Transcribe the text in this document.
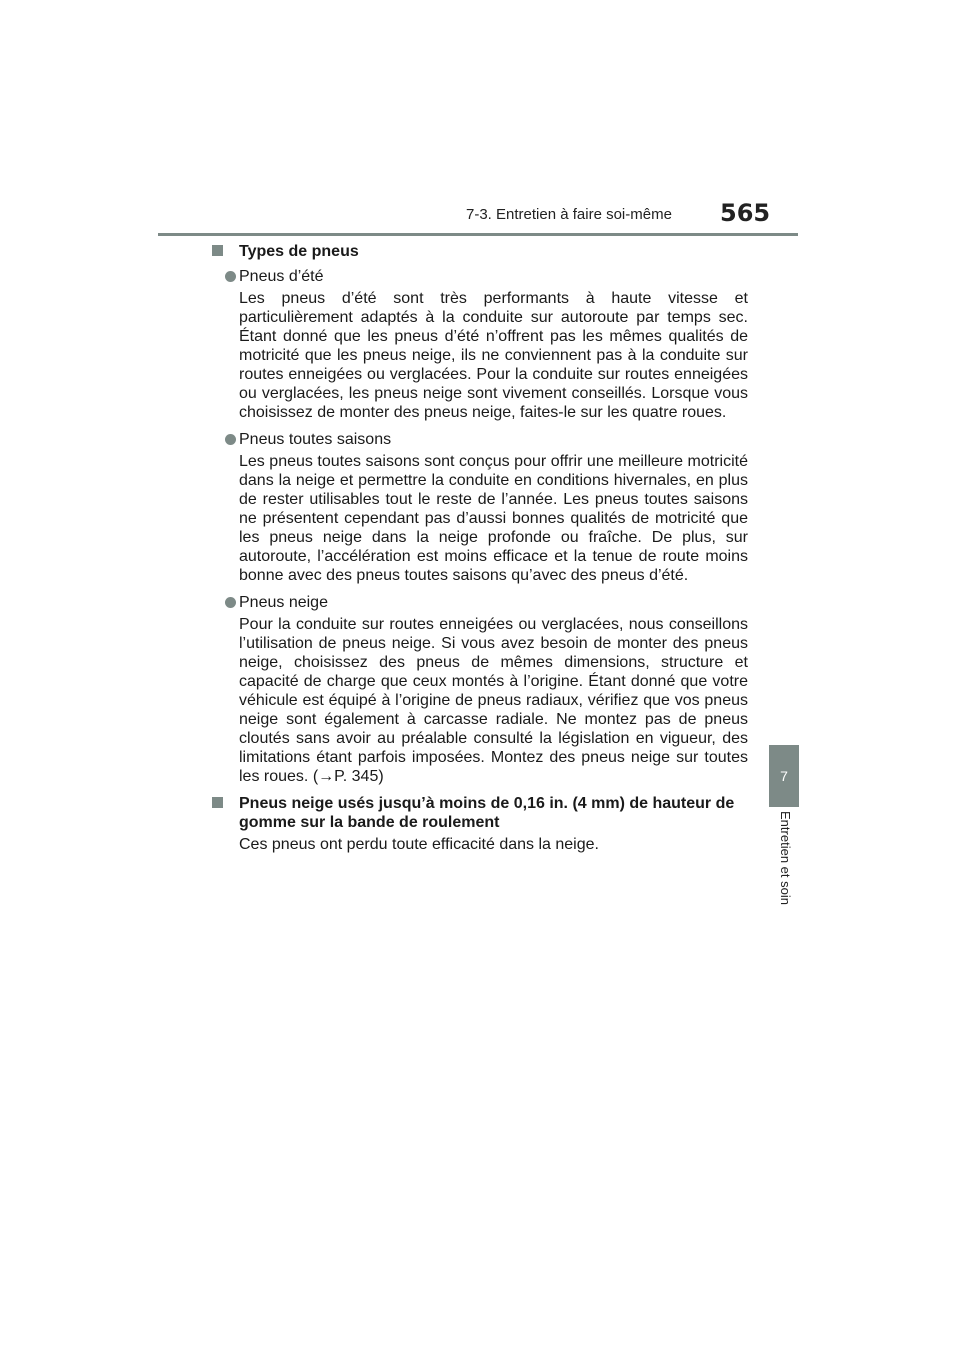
7-3. Entretien à faire soi-même 565
7
Entretien et soin
Types de pneus
Pneus d’été
Les pneus d’été sont très performants à haute vitesse et particulièrement adaptés à la conduite sur autoroute par temps sec. Étant donné que les pneus d’été n’offrent pas les mêmes qualités de motricité que les pneus neige, ils ne conviennent pas à la conduite sur routes enneigées ou verglacées. Pour la conduite sur routes enneigées ou verglacées, les pneus neige sont vivement conseillés. Lorsque vous choisissez de monter des pneus neige, faites-le sur les quatre roues.
Pneus toutes saisons
Les pneus toutes saisons sont conçus pour offrir une meilleure motricité dans la neige et permettre la conduite en conditions hivernales, en plus de rester utilisables tout le reste de l’année. Les pneus toutes saisons ne présentent cependant pas d’aussi bonnes qualités de motricité que les pneus neige dans la neige profonde ou fraîche. De plus, sur autoroute, l’accélération est moins efficace et la tenue de route moins bonne avec des pneus toutes saisons qu’avec des pneus d’été.
Pneus neige
Pour la conduite sur routes enneigées ou verglacées, nous conseillons l’utilisation de pneus neige. Si vous avez besoin de monter des pneus neige, choisissez des pneus de mêmes dimensions, structure et capacité de charge que ceux montés à l’origine. Étant donné que votre véhicule est équipé à l’origine de pneus radiaux, vérifiez que vos pneus neige sont également à carcasse radiale. Ne montez pas de pneus cloutés sans avoir au préalable consulté la législation en vigueur, des limitations étant parfois imposées. Montez des pneus neige sur toutes les roues. (→P. 345)
Pneus neige usés jusqu’à moins de 0,16 in. (4 mm) de hauteur de gomme sur la bande de roulement
Ces pneus ont perdu toute efficacité dans la neige.
